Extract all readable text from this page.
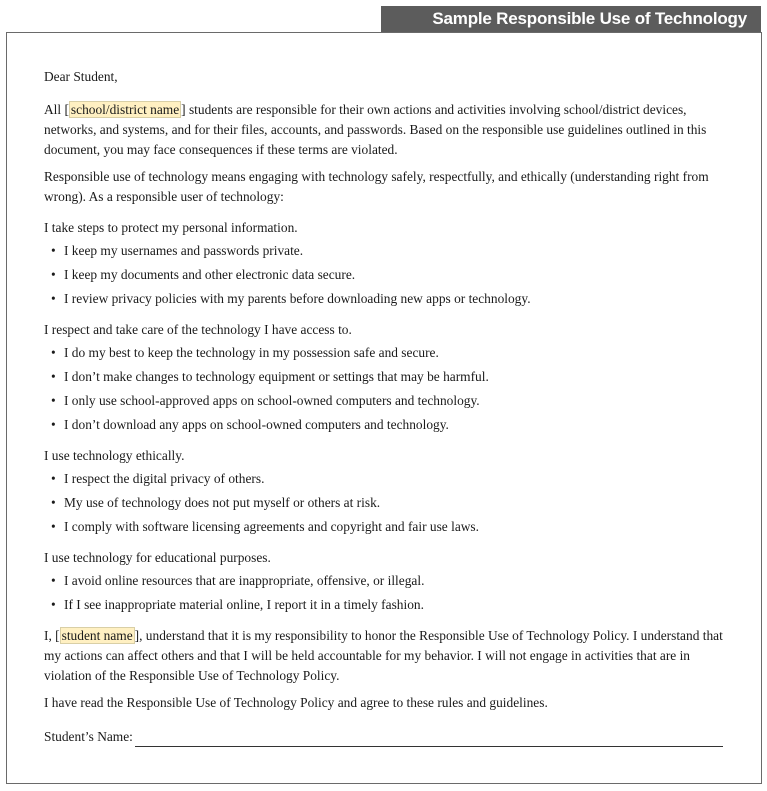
Sample Responsible Use of Technology

Dear Student,

All [ school/district name ] students are responsible for their own actions and activities involving school/district devices, networks, and systems, and for their files, accounts, and passwords. Based on the responsible use guidelines outlined in this document, you may face consequences if these terms are violated.

Responsible use of technology means engaging with technology safely, respectfully, and ethically (understanding right from wrong). As a responsible user of technology:

I take steps to protect my personal information.

• I keep my usernames and passwords private.
• I keep my documents and other electronic data secure.
• I review privacy policies with my parents before downloading new apps or technology.

I respect and take care of the technology I have access to.

• I do my best to keep the technology in my possession safe and secure.
• I don’t make changes to technology equipment or settings that may be harmful.
• I only use school-approved apps on school-owned computers and technology.
• I don’t download any apps on school-owned computers and technology.

I use technology ethically.

• I respect the digital privacy of others.
• My use of technology does not put myself or others at risk.
• I comply with software licensing agreements and copyright and fair use laws.

I use technology for educational purposes.

• I avoid online resources that are inappropriate, offensive, or illegal.
• If I see inappropriate material online, I report it in a timely fashion.

I, [ student name ], understand that it is my responsibility to honor the Responsible Use of Technology Policy. I understand that my actions can affect others and that I will be held accountable for my behavior. I will not engage in activities that are in violation of the Responsible Use of Technology Policy.

I have read the Responsible Use of Technology Policy and agree to these rules and guidelines.

Student’s Name:
